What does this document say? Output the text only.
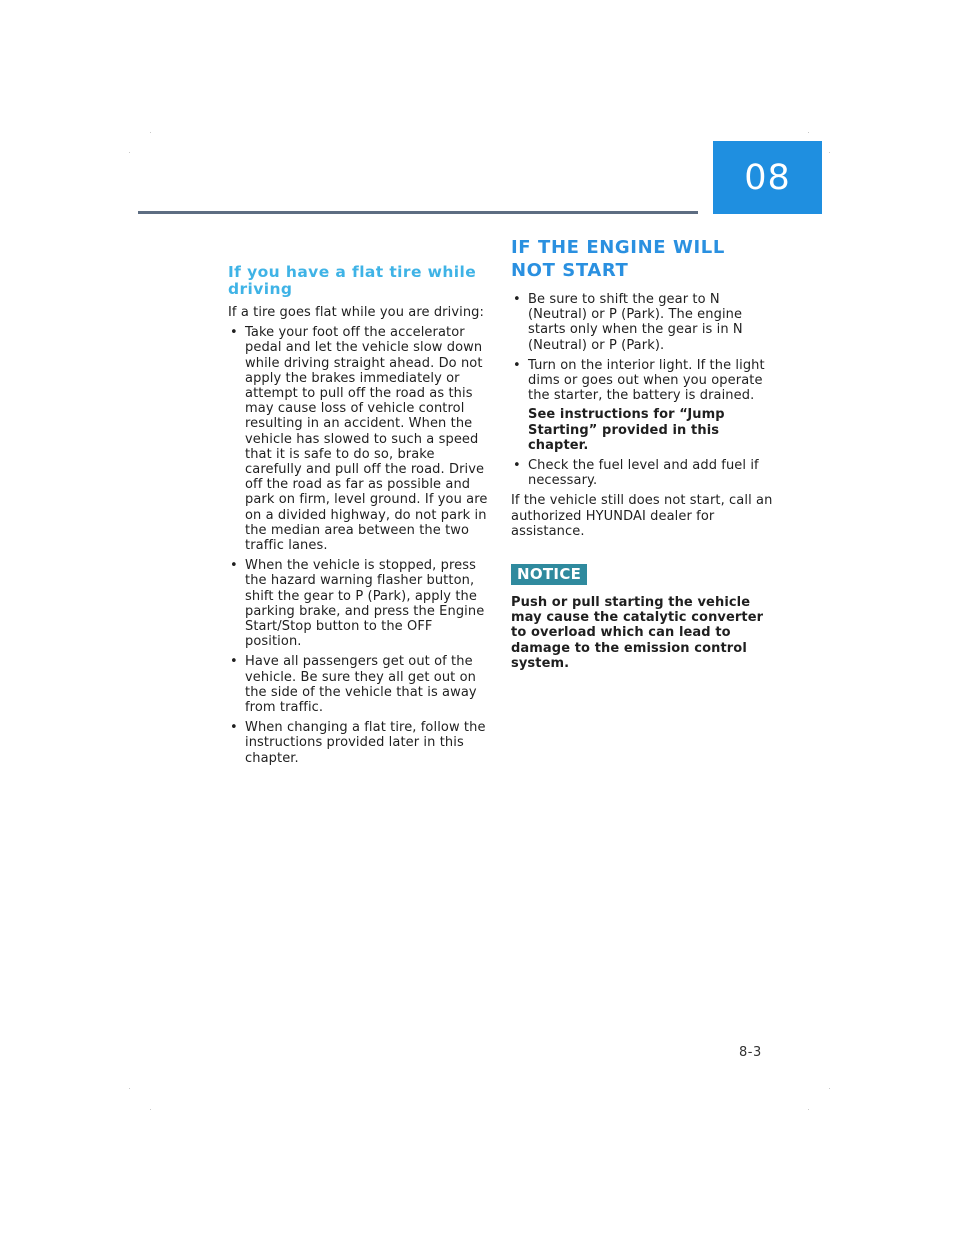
08
If you have a flat tire while driving

If a tire goes flat while you are driving:

• Take your foot off the accelerator pedal and let the vehicle slow down while driving straight ahead. Do not apply the brakes immediately or attempt to pull off the road as this may cause loss of vehicle control resulting in an accident. When the vehicle has slowed to such a speed that it is safe to do so, brake carefully and pull off the road. Drive off the road as far as possible and park on firm, level ground. If you are on a divided highway, do not park in the median area between the two traffic lanes.
• When the vehicle is stopped, press the hazard warning flasher button, shift the gear to P (Park), apply the parking brake, and press the Engine Start/Stop button to the OFF position.
• Have all passengers get out of the vehicle. Be sure they all get out on the side of the vehicle that is away from traffic.
• When changing a flat tire, follow the instructions provided later in this chapter.
IF THE ENGINE WILL NOT START
• Be sure to shift the gear to N (Neutral) or P (Park). The engine starts only when the gear is in N (Neutral) or P (Park).
• Turn on the interior light. If the light dims or goes out when you operate the starter, the battery is drained.
See instructions for “Jump Starting” provided in this chapter.
• Check the fuel level and add fuel if necessary.

If the vehicle still does not start, call an authorized HYUNDAI dealer for assistance.

NOTICE

Push or pull starting the vehicle may cause the catalytic converter to overload which can lead to damage to the emission control system.

8-3
